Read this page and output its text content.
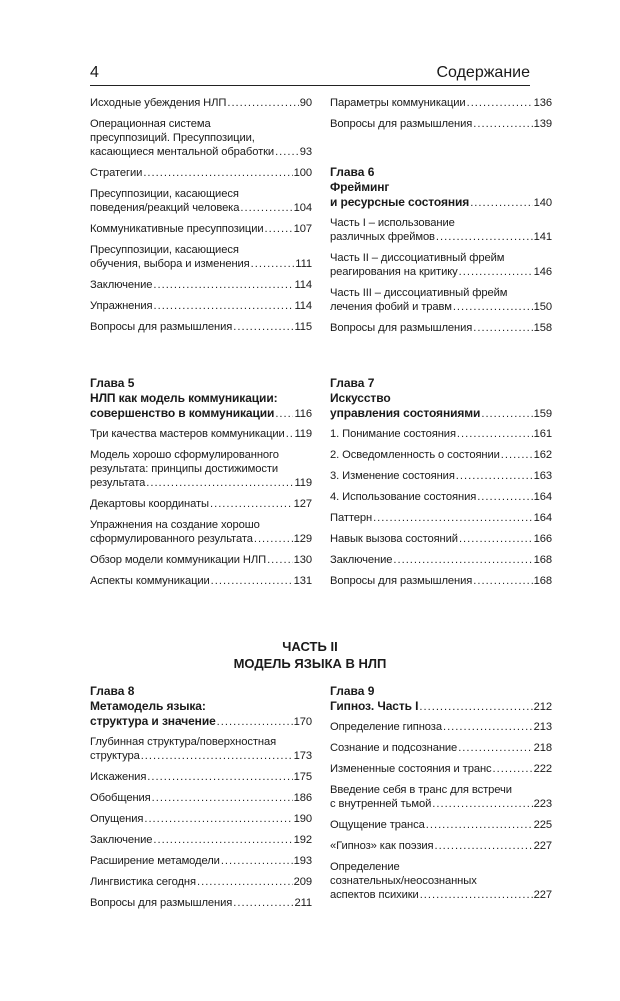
4	Содержание
Исходные убеждения НЛП .....	90
Операционная система
пресуппозиций. Пресуппозиции,
касающиеся ментальной обработки ..... 93
Стратегии .....	100
Пресуппозиции, касающиеся
поведения/реакций человека .....	104
Коммуникативные пресуппозиции .....	107
Пресуппозиции, касающиеся
обучения, выбора и изменения .....	111
Заключение .....	114
Упражнения .....	114
Вопросы для размышления .....	115
Параметры коммуникации .....	136
Вопросы для размышления .....	139
Глава 6
Фрейминг
и ресурсные состояния .....	140
Часть I – использование
различных фреймов .....	141
Часть II – диссоциативный фрейм
реагирования на критику .....	146
Часть III – диссоциативный фрейм
лечения фобий и травм .....	150
Вопросы для размышления .....	158
Глава 5
НЛП как модель коммуникации:
совершенство в коммуникации ..... 116
Три качества мастеров коммуникации ..... 119
Модель хорошо сформулированного
результата: принципы достижимости
результата .....	119
Декартовы координаты .....	127
Упражнения на создание хорошо
сформулированного результата .....	129
Обзор модели коммуникации НЛП ..... 130
Аспекты коммуникации .....	131
Глава 7
Искусство
управления состояниями .....	159
1. Понимание состояния .....	161
2. Осведомленность о состоянии .....	162
3. Изменение состояния .....	163
4. Использование состояния .....	164
Паттерн .....	164
Навык вызова состояний .....	166
Заключение .....	168
Вопросы для размышления .....	168
ЧАСТЬ II
МОДЕЛЬ ЯЗЫКА В НЛП
Глава 8
Метамодель языка:
структура и значение .....	170
Глубинная структура/поверхностная
структура .....	173
Искажения .....	175
Обобщения .....	186
Опущения .....	190
Заключение .....	192
Расширение метамодели .....	193
Лингвистика сегодня .....	209
Вопросы для размышления .....	211
Глава 9
Гипноз. Часть I .....	212
Определение гипноза .....	213
Сознание и подсознание .....	218
Измененные состояния и транс .....	222
Введение себя в транс для встречи
с внутренней тьмой .....	223
Ощущение транса .....	225
«Гипноз» как поэзия .....	227
Определение
сознательных/неосознанных
аспектов психики .....	227
